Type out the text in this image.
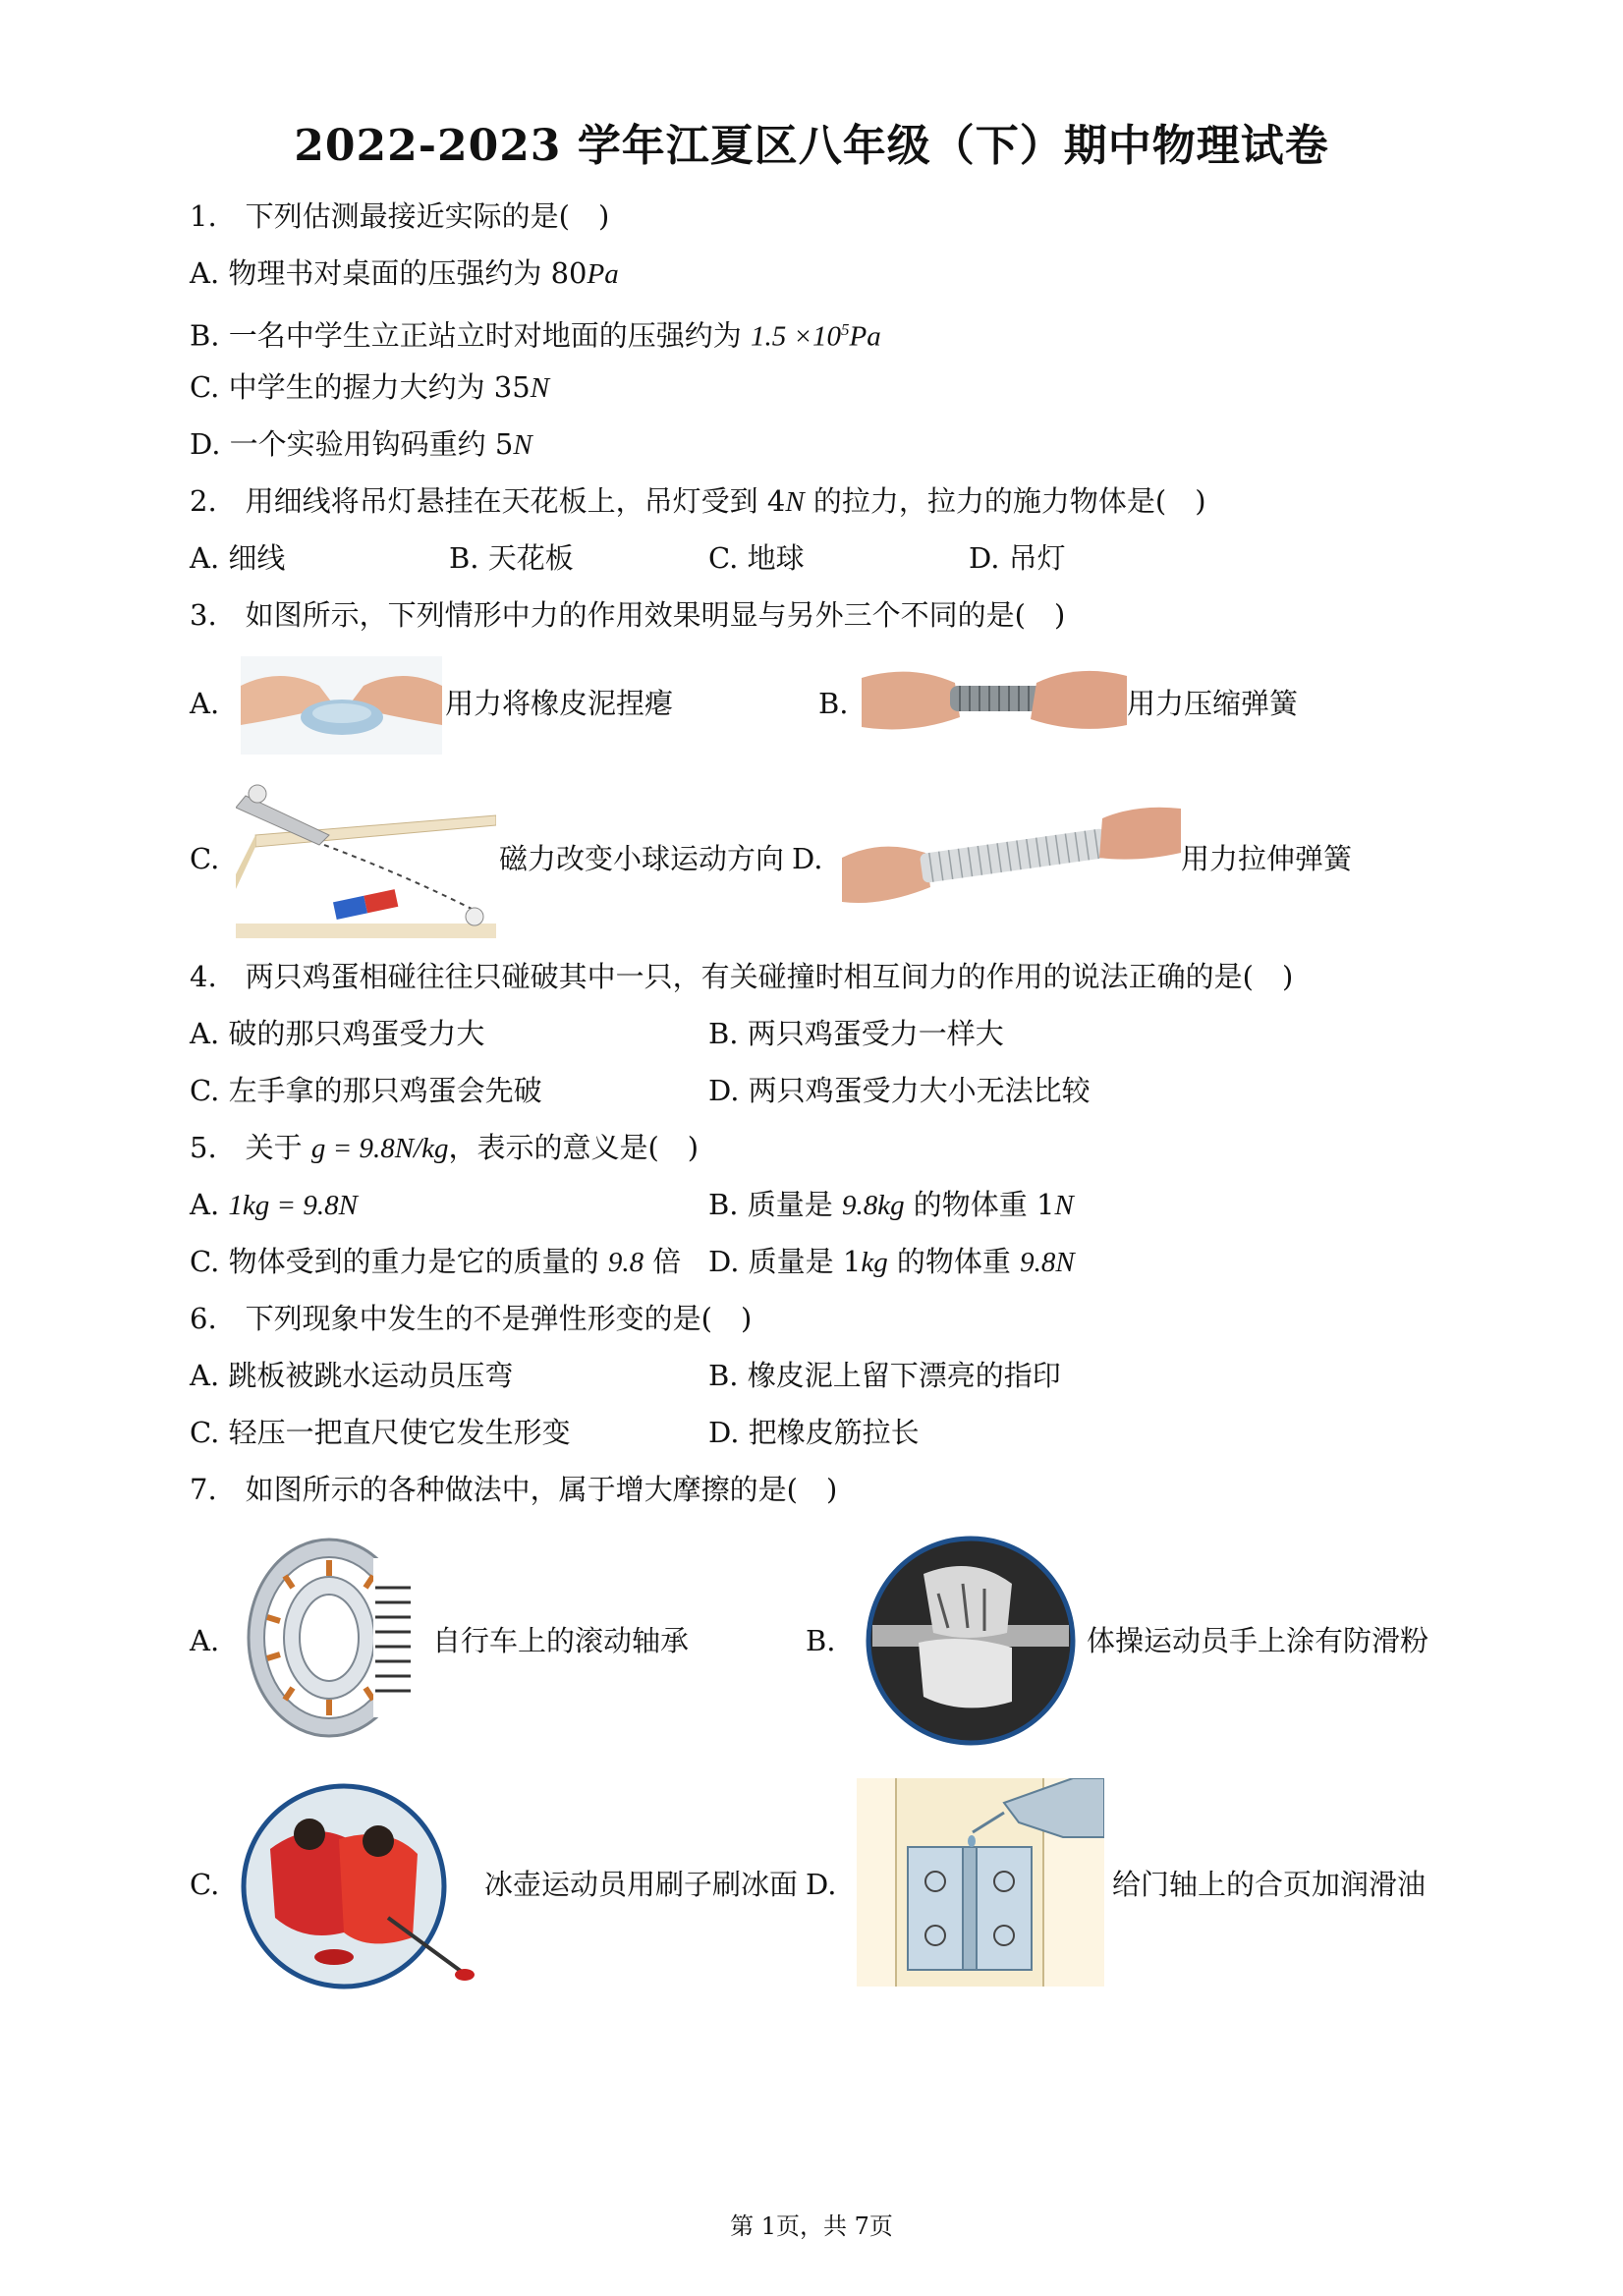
2022-2023 学年江夏区八年级（下）期中物理试卷
1.　下列估测最接近实际的是(　)
A. 物理书对桌面的压强约为 80Pa
B. 一名中学生立正站立时对地面的压强约为 $1.5 \times 10^5Pa$
C. 中学生的握力大约为 35N
D. 一个实验用钩码重约 5N
2.　用细线将吊灯悬挂在天花板上，吊灯受到 4N 的拉力，拉力的施力物体是(　)
A. 细线	B. 天花板	C. 地球	D. 吊灯
3.　如图所示，下列情形中力的作用效果明显与另外三个不同的是(　)
A.	用力将橡皮泥捏瘪	B.	用力压缩弹簧
C.	磁力改变小球运动方向 D.	用力拉伸弹簧
4.　两只鸡蛋相碰往往只碰破其中一只，有关碰撞时相互间力的作用的说法正确的是(　)
A. 破的那只鸡蛋受力大	B. 两只鸡蛋受力一样大
C. 左手拿的那只鸡蛋会先破	D. 两只鸡蛋受力大小无法比较
5.　关于 g = 9.8N/kg，表示的意义是(　)
A. 1kg = 9.8N	B. 质量是 9.8kg 的物体重 1N
C. 物体受到的重力是它的质量的 9.8 倍 D. 质量是 1kg 的物体重 9.8N
6.　下列现象中发生的不是弹性形变的是(　)
A. 跳板被跳水运动员压弯	B. 橡皮泥上留下漂亮的指印
C. 轻压一把直尺使它发生形变	D. 把橡皮筋拉长
7.　如图所示的各种做法中，属于增大摩擦的是(　)
A.	自行车上的滚动轴承	B.	体操运动员手上涂有防滑粉
C.	冰壶运动员用刷子刷冰面 D.	给门轴上的合页加润滑油
第 1页，共 7页
